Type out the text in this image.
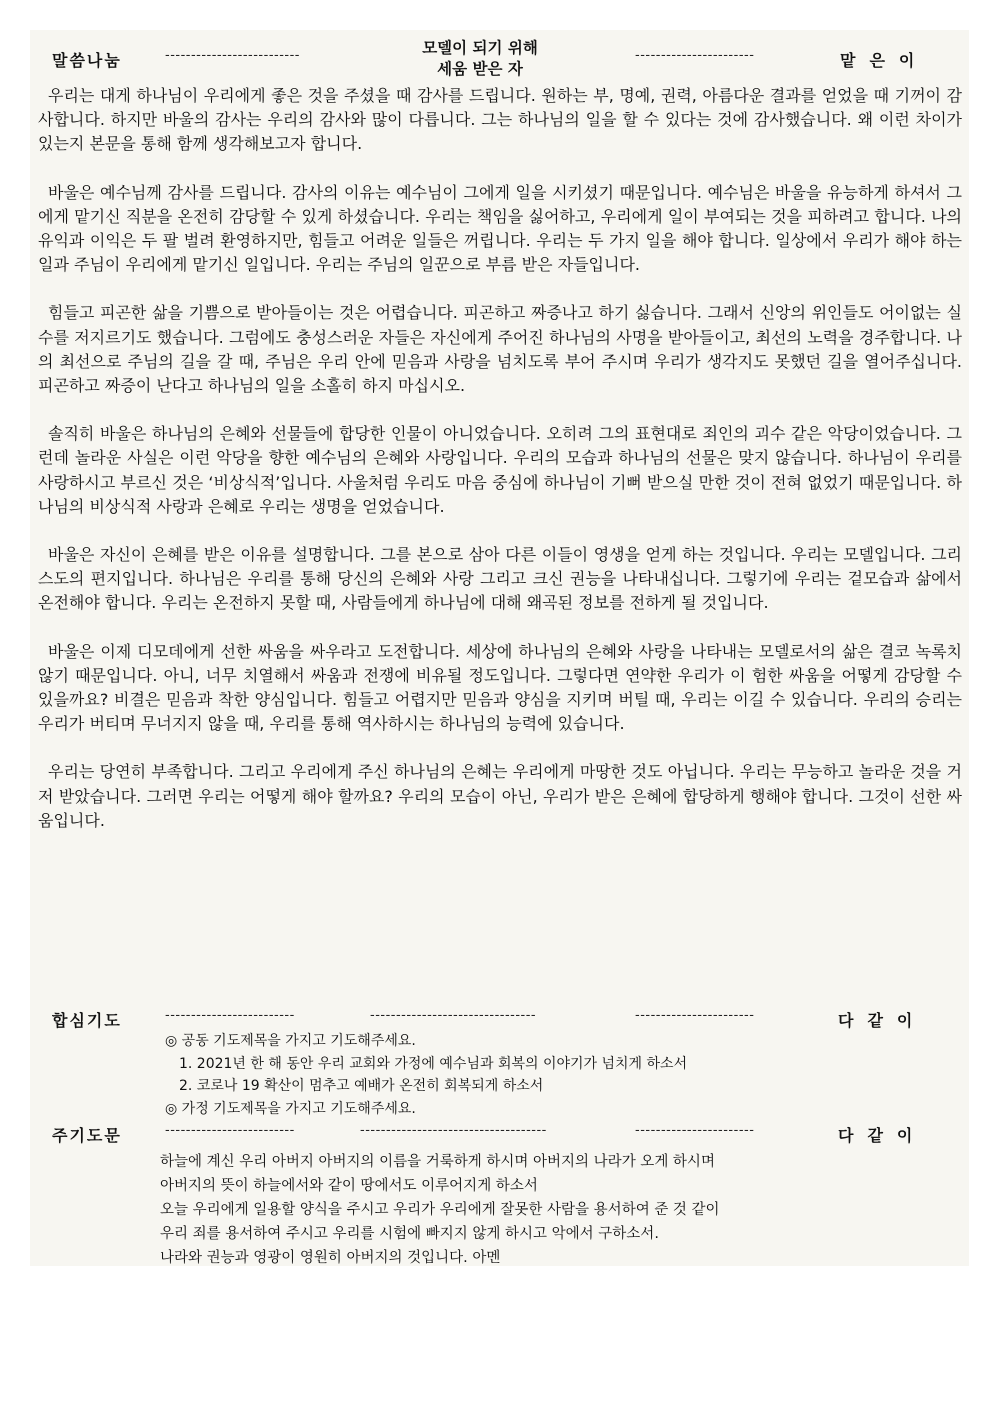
말씀나눔	--------------------------	-----------------------	맡은이
모델이 되기 위해
세움 받은 자

우리는 대게 하나님이 우리에게 좋은 것을 주셨을 때 감사를 드립니다. 원하는 부, 명예, 권력, 아름다운 결과를 얻었을 때 기꺼이 감사합니다. 하지만 바울의 감사는 우리의 감사와 많이 다릅니다. 그는 하나님의 일을 할 수 있다는 것에 감사했습니다. 왜 이런 차이가 있는지 본문을 통해 함께 생각해보고자 합니다.

바울은 예수님께 감사를 드립니다. 감사의 이유는 예수님이 그에게 일을 시키셨기 때문입니다. 예수님은 바울을 유능하게 하셔서 그에게 맡기신 직분을 온전히 감당할 수 있게 하셨습니다. 우리는 책임을 싫어하고, 우리에게 일이 부여되는 것을 피하려고 합니다. 나의 유익과 이익은 두 팔 벌려 환영하지만, 힘들고 어려운 일들은 꺼립니다. 우리는 두 가지 일을 해야 합니다. 일상에서 우리가 해야 하는 일과 주님이 우리에게 맡기신 일입니다. 우리는 주님의 일꾼으로 부름 받은 자들입니다.

힘들고 피곤한 삶을 기쁨으로 받아들이는 것은 어렵습니다. 피곤하고 짜증나고 하기 싫습니다. 그래서 신앙의 위인들도 어이없는 실수를 저지르기도 했습니다. 그럼에도 충성스러운 자들은 자신에게 주어진 하나님의 사명을 받아들이고, 최선의 노력을 경주합니다. 나의 최선으로 주님의 길을 갈 때, 주님은 우리 안에 믿음과 사랑을 넘치도록 부어 주시며 우리가 생각지도 못했던 길을 열어주십니다. 피곤하고 짜증이 난다고 하나님의 일을 소홀히 하지 마십시오.

솔직히 바울은 하나님의 은혜와 선물들에 합당한 인물이 아니었습니다. 오히려 그의 표현대로 죄인의 괴수 같은 악당이었습니다. 그런데 놀라운 사실은 이런 악당을 향한 예수님의 은혜와 사랑입니다. 우리의 모습과 하나님의 선물은 맞지 않습니다. 하나님이 우리를 사랑하시고 부르신 것은 ‘비상식적’입니다. 사울처럼 우리도 마음 중심에 하나님이 기뻐 받으실 만한 것이 전혀 없었기 때문입니다. 하나님의 비상식적 사랑과 은혜로 우리는 생명을 얻었습니다.

바울은 자신이 은혜를 받은 이유를 설명합니다. 그를 본으로 삼아 다른 이들이 영생을 얻게 하는 것입니다. 우리는 모델입니다. 그리스도의 편지입니다. 하나님은 우리를 통해 당신의 은혜와 사랑 그리고 크신 권능을 나타내십니다. 그렇기에 우리는 겉모습과 삶에서 온전해야 합니다. 우리는 온전하지 못할 때, 사람들에게 하나님에 대해 왜곡된 정보를 전하게 될 것입니다.

바울은 이제 디모데에게 선한 싸움을 싸우라고 도전합니다. 세상에 하나님의 은혜와 사랑을 나타내는 모델로서의 삶은 결코 녹록치 않기 때문입니다. 아니, 너무 치열해서 싸움과 전쟁에 비유될 정도입니다. 그렇다면 연약한 우리가 이 험한 싸움을 어떻게 감당할 수 있을까요? 비결은 믿음과 착한 양심입니다. 힘들고 어렵지만 믿음과 양심을 지키며 버틸 때, 우리는 이길 수 있습니다. 우리의 승리는 우리가 버티며 무너지지 않을 때, 우리를 통해 역사하시는 하나님의 능력에 있습니다.

우리는 당연히 부족합니다. 그리고 우리에게 주신 하나님의 은혜는 우리에게 마땅한 것도 아닙니다. 우리는 무능하고 놀라운 것을 거저 받았습니다. 그러면 우리는 어떻게 해야 할까요? 우리의 모습이 아닌, 우리가 받은 은혜에 합당하게 행해야 합니다. 그것이 선한 싸움입니다.

합심기도	-------------------------	--------------------------------	-----------------------	다같이
◎ 공동 기도제목을 가지고 기도해주세요.
1. 2021년 한 해 동안 우리 교회와 가정에 예수님과 회복의 이야기가 넘치게 하소서
2. 코로나 19 확산이 멈추고 예배가 온전히 회복되게 하소서
◎ 가정 기도제목을 가지고 기도해주세요.
주기도문	-------------------------	------------------------------------	-----------------------	다같이
하늘에 계신 우리 아버지 아버지의 이름을 거룩하게 하시며 아버지의 나라가 오게 하시며
아버지의 뜻이 하늘에서와 같이 땅에서도 이루어지게 하소서
오늘 우리에게 일용할 양식을 주시고 우리가 우리에게 잘못한 사람을 용서하여 준 것 같이
우리 죄를 용서하여 주시고 우리를 시험에 빠지지 않게 하시고 악에서 구하소서.
나라와 권능과 영광이 영원히 아버지의 것입니다. 아멘
